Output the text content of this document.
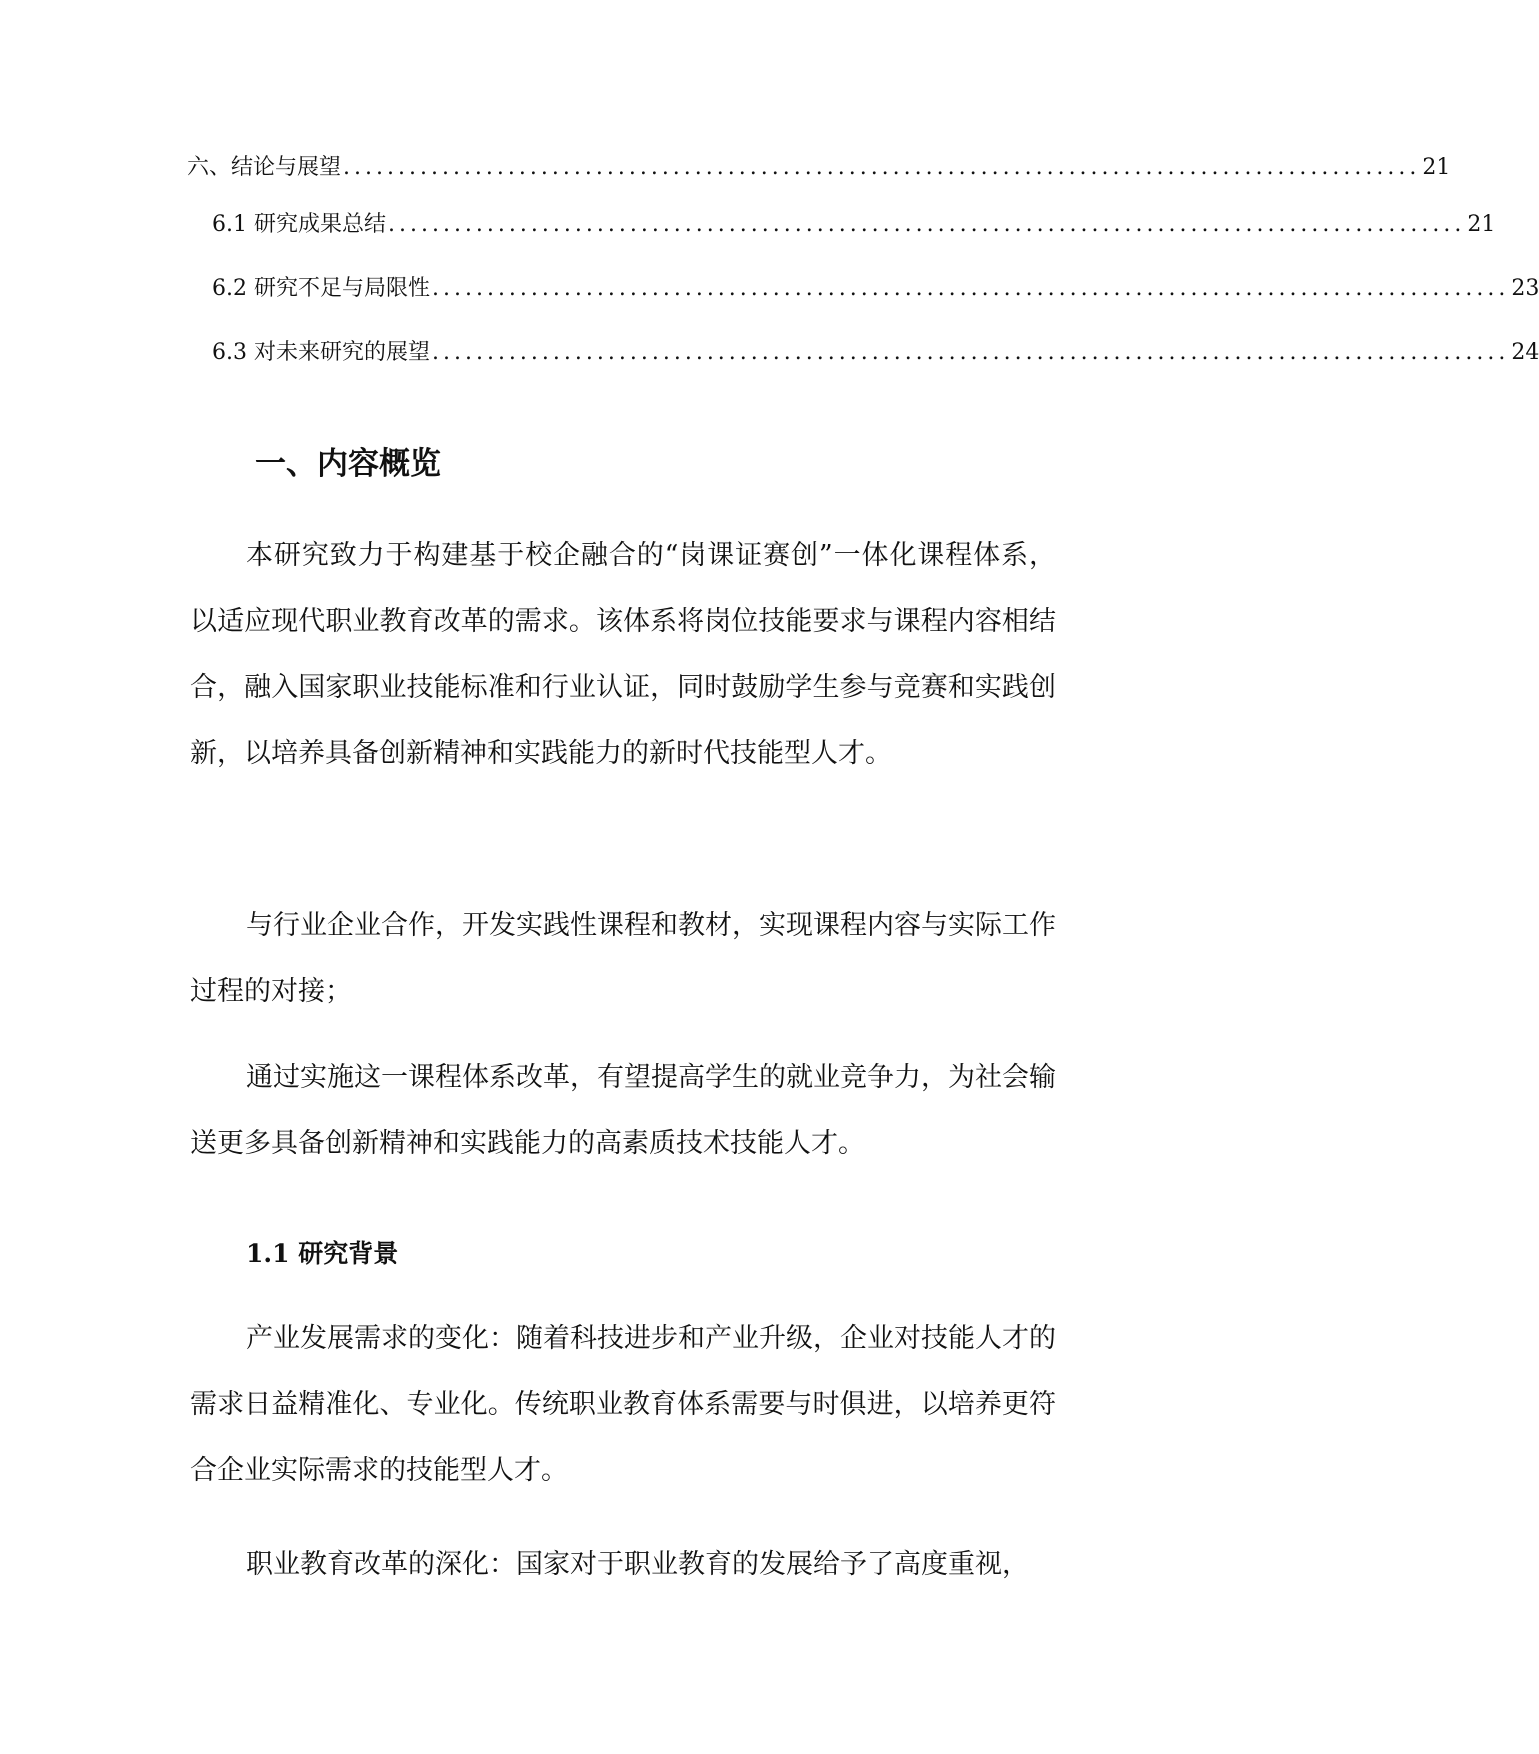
六、结论与展望 .................................................................................................. 21
6.1 研究成果总结 .................................................................................................. 21
6.2 研究不足与局限性 .................................................................................................. 23
6.3 对未来研究的展望 .................................................................................................. 24
一、内容概览

本研究致力于构建基于校企融合的“岗课证赛创”一体化课程体系，以适应现代职业教育改革的需求。该体系将岗位技能要求与课程内容相结合，融入国家职业技能标准和行业认证，同时鼓励学生参与竞赛和实践创新，以培养具备创新精神和实践能力的新时代技能型人才。

与行业企业合作，开发实践性课程和教材，实现课程内容与实际工作过程的对接；

通过实施这一课程体系改革，有望提高学生的就业竞争力，为社会输送更多具备创新精神和实践能力的高素质技术技能人才。

1.1 研究背景

产业发展需求的变化：随着科技进步和产业升级，企业对技能人才的需求日益精准化、专业化。传统职业教育体系需要与时俱进，以培养更符合企业实际需求的技能型人才。

职业教育改革的深化：国家对于职业教育的发展给予了高度重视，
